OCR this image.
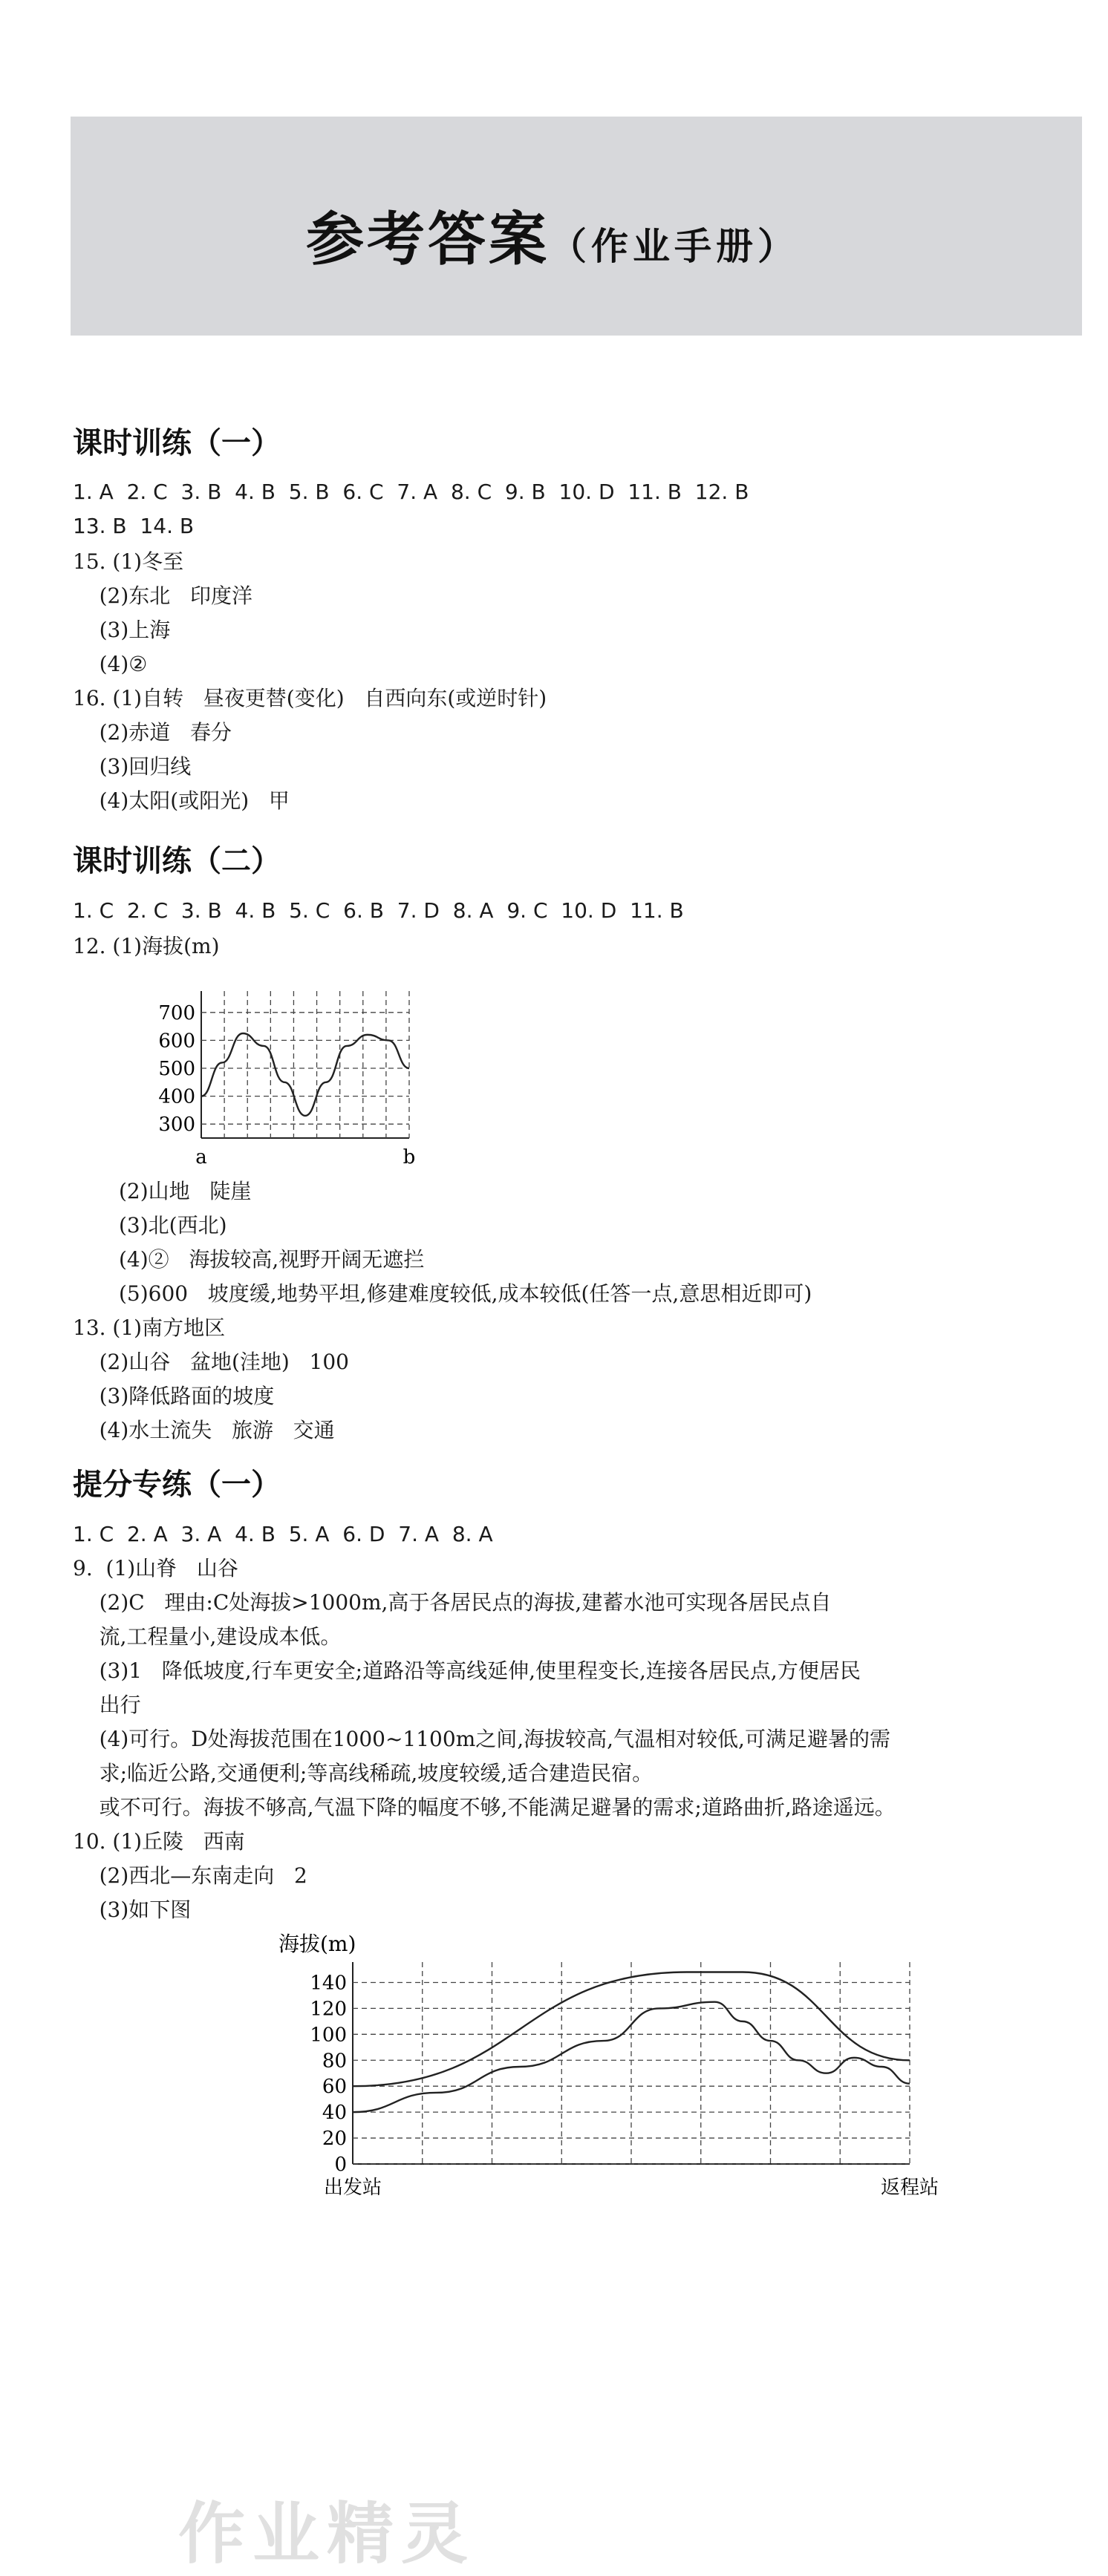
参考答案（作业手册）
课时训练（一）
1. A  2. C  3. B  4. B  5. B  6. C  7. A  8. C  9. B  10. D  11. B  12. B
13. B  14. B
15. (1)冬至
(2)东北   印度洋
(3)上海
(4)②
16. (1)自转   昼夜更替(变化)   自西向东(或逆时针)
(2)赤道   春分
(3)回归线
(4)太阳(或阳光)   甲
课时训练（二）
1. C  2. C  3. B  4. B  5. C  6. B  7. D  8. A  9. C  10. D  11. B
12. (1)海拔(m)
300
400
500
600
700
a	b
(2)山地   陡崖
(3)北(西北)
(4)②   海拔较高,视野开阔无遮拦
(5)600   坡度缓,地势平坦,修建难度较低,成本较低(任答一点,意思相近即可)
13. (1)南方地区
(2)山谷   盆地(洼地)   100
(3)降低路面的坡度
(4)水土流失   旅游   交通
提分专练（一）
1. C  2. A  3. A  4. B  5. A  6. D  7. A  8. A
9.  (1)山脊   山谷
(2)C   理由:C处海拔>1000m,高于各居民点的海拔,建蓄水池可实现各居民点自
流,工程量小,建设成本低。
(3)1   降低坡度,行车更安全;道路沿等高线延伸,使里程变长,连接各居民点,方便居民
出行
(4)可行。D处海拔范围在1000~1100m之间,海拔较高,气温相对较低,可满足避暑的需
求;临近公路,交通便利;等高线稀疏,坡度较缓,适合建造民宿。
或不可行。海拔不够高,气温下降的幅度不够,不能满足避暑的需求;道路曲折,路途遥远。
10. (1)丘陵   西南
(2)西北—东南走向   2
(3)如下图
0
20
40
60
80
100
120
140
出发站	返程站
海拔(m)
作业精灵
